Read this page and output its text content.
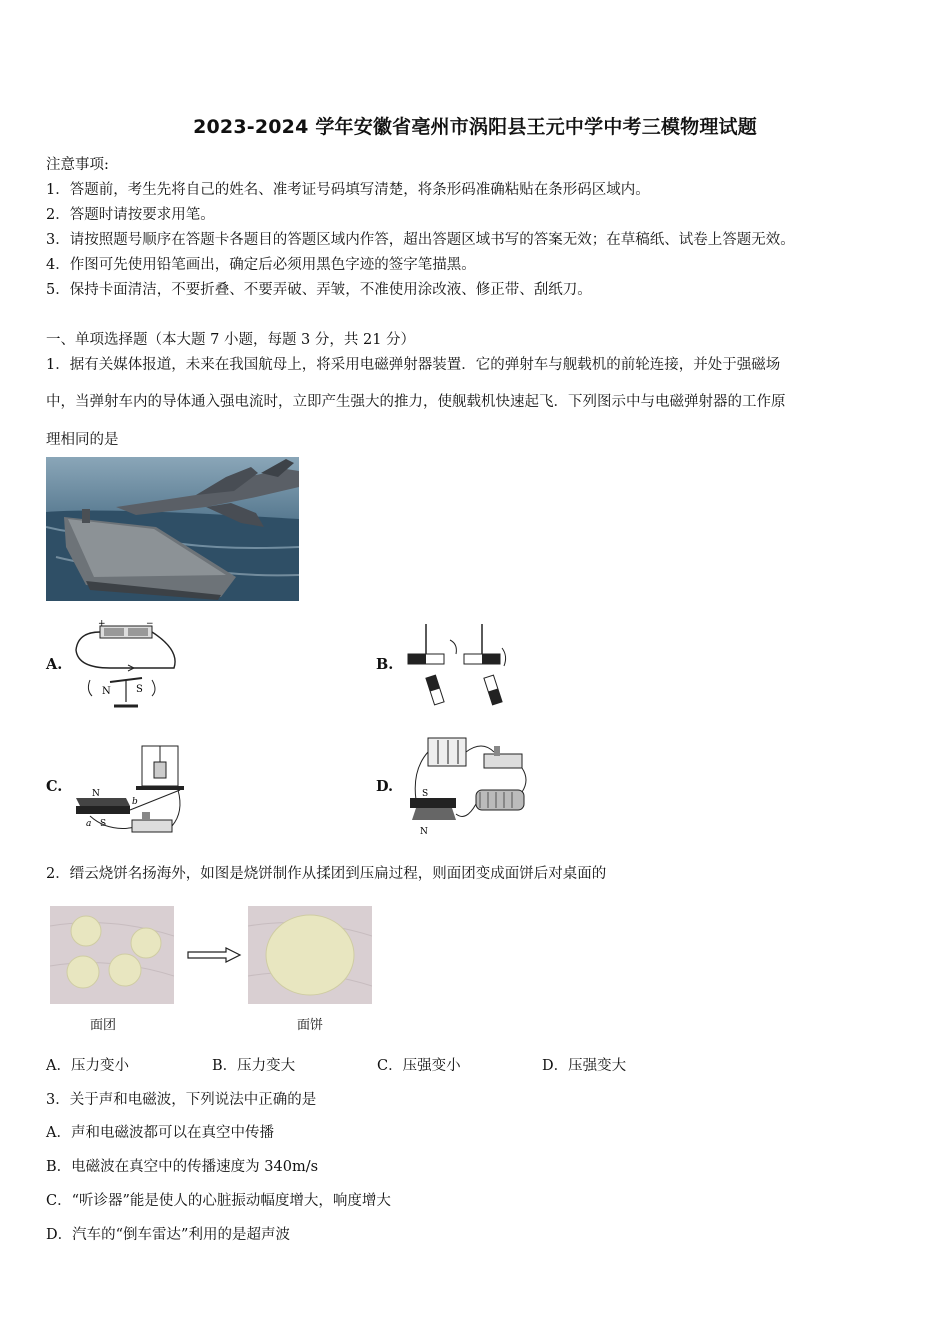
2023-2024 学年安徽省亳州市涡阳县王元中学中考三模物理试题
注意事项:
1．答题前，考生先将自己的姓名、准考证号码填写清楚，将条形码准确粘贴在条形码区域内。
2．答题时请按要求用笔。
3．请按照题号顺序在答题卡各题目的答题区域内作答，超出答题区域书写的答案无效；在草稿纸、试卷上答题无效。
4．作图可先使用铅笔画出，确定后必须用黑色字迹的签字笔描黑。
5．保持卡面清洁，不要折叠、不要弄破、弄皱，不准使用涂改液、修正带、刮纸刀。
一、单项选择题（本大题 7 小题，每题 3 分，共 21 分）
1．据有关媒体报道，未来在我国航母上，将采用电磁弹射器装置．它的弹射车与舰载机的前轮连接，并处于强磁场
中，当弹射车内的导体通入强电流时，立即产生强大的推力，使舰载机快速起飞．下列图示中与电磁弹射器的工作原
理相同的是
A.
+	−
N	S
B.
C.	N
S
a
b
D.	S
N
2．缙云烧饼名扬海外，如图是烧饼制作从揉团到压扁过程，则面团变成面饼后对桌面的
面团	面饼
A．压力变小	B．压力变大	C．压强变小	D．压强变大
3．关于声和电磁波，下列说法中正确的是
A．声和电磁波都可以在真空中传播
B．电磁波在真空中的传播速度为 340m/s
C．“听诊器”能是使人的心脏振动幅度增大，响度增大
D．汽车的“倒车雷达”利用的是超声波
